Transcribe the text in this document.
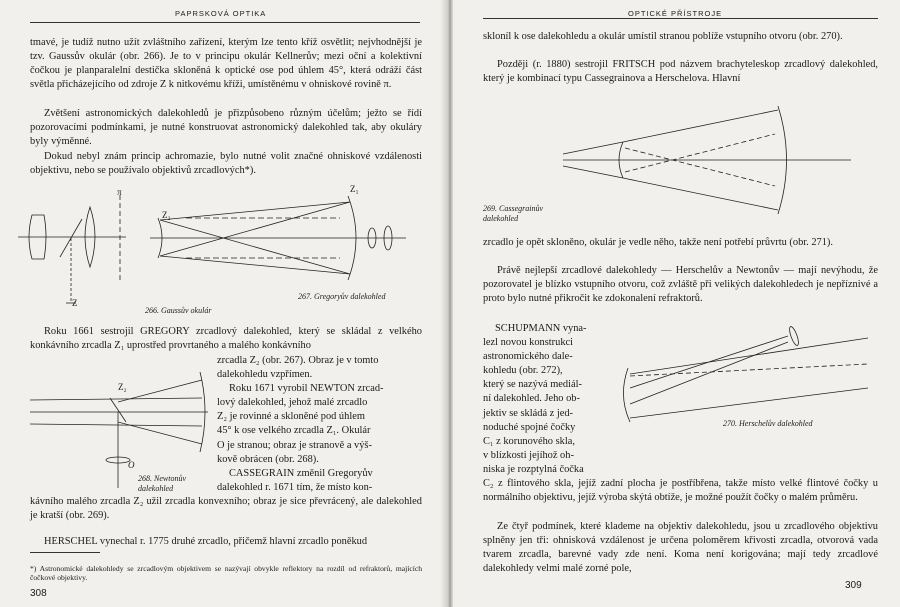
PAPRSKOVÁ OPTIKA

tmavé, je tudíž nutno užít zvláštního zařízení, kterým lze tento kříž osvětlit; nejvhodnější je tzv. Gaussův okulár (obr. 266). Je to v principu okulár Kellnerův; mezi oční a kolektivní čočkou je planparalelní destička skloněná k optické ose pod úhlem 45°, která odráží část světla přicházejícího od zdroje Z k nitkovému kříži, umístěnému v ohniskové rovině π.

Zvětšení astronomických dalekohledů je přizpůsobeno různým účelům; ježto se řídí pozorovacími podmínkami, je nutné konstruovat astronomický dalekohled tak, aby okuláry byly výměnné.

Dokud nebyl znám princip achromazie, bylo nutné volit značné ohniskové vzdálenosti objektivu, nebo se používalo objektivů zrcadlových*).

π
Z
Z₁
Z₂
266. Gaussův okulár
267. Gregoryův dalekohled

Roku 1661 sestrojil GREGORY zrcadlový dalekohled, který se skládal z velkého konkávního zrcadla Z₁ uprostřed provrtaného a malého konkávního

Z₂
O
268. Newtonův dalekohled

zrcadla Z₂ (obr. 267). Obraz je v tomto

dalekohledu vzpřímen.

Roku 1671 vyrobil NEWTON zrcad-

lový dalekohled, jehož malé zrcadlo

Z₂ je rovinné a skloněné pod úhlem

45° k ose velkého zrcadla Z₁. Okulár

O je stranou; obraz je stranově a výš-

kově obrácen (obr. 268).

CASSEGRAIN změnil Gregoryův

dalekohled r. 1671 tím, že místo kon-

kávního malého zrcadla Z₂ užil zrcadla konvexního; obraz je sice převrácený, ale dalekohled je kratší (obr. 269).

HERSCHEL vynechal r. 1775 druhé zrcadlo, přičemž hlavní zrcadlo poněkud

*) Astronomické dalekohledy se zrcadlovým objektivem se nazývají obvykle reflektory na rozdíl od refraktorů, majících čočkové objektivy.

308
OPTICKÉ PŘÍSTROJE

skloníl k ose dalekohledu a okulár umístil stranou poblíže vstupního otvoru (obr. 270).

Později (r. 1880) sestrojil FRITSCH pod názvem brachyteleskop zrcadlový dalekohled, který je kombinací typu Cassegrainova a Herschelova. Hlavní

269. Cassegrainův dalekohled

zrcadlo je opět skloněno, okulár je vedle něho, takže není potřebí průvrtu (obr. 271).

Právě nejlepší zrcadlové dalekohledy — Herschelův a Newtonův — mají nevýhodu, že pozorovatel je blízko vstupního otvoru, což zvláště při velikých dalekohledech je nepříznivé a proto bylo nutné přikročit ke zdokonalení refraktorů.

SCHUPMANN vyna-

lezl novou konstrukci

astronomického dale-

kohledu (obr. 272),

který se nazývá mediál-

ní dalekohled. Jeho ob-

jektiv se skládá z jed-

noduché spojné čočky

C₁ z korunového skla,

v blízkosti jejíhož oh-

niska je rozptylná čočka

270. Herschelův dalekohled

C₂ z flintového skla, jejíž zadní plocha je postříbřena, takže místo velké flintové čočky u normálního objektivu, jejíž výroba skýtá obtíže, je možné použít čočky o malém průměru.

Ze čtyř podmínek, které klademe na objektiv dalekohledu, jsou u zrcadlového objektivu splněny jen tři: ohnisková vzdálenost je určena poloměrem křivosti zrcadla, otvorová vada tvarem zrcadla, barevné vady zde není. Koma není korigována; mají tedy zrcadlové dalekohledy velmi malé zorné pole,

309
